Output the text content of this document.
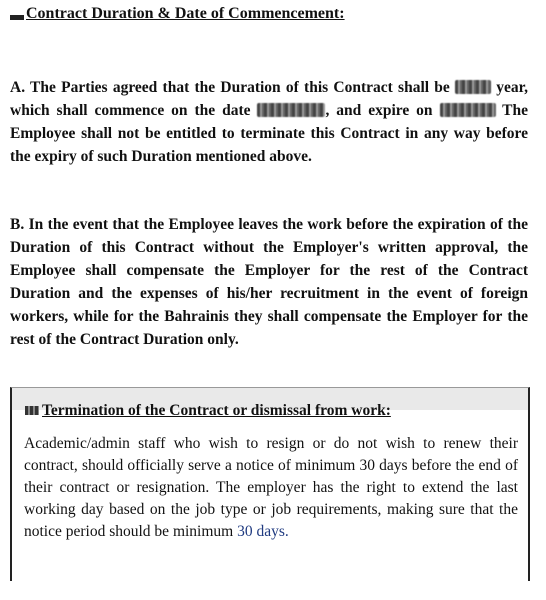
Contract Duration & Date of Commencement:
A. The Parties agreed that the Duration of this Contract shall be	year, which shall commence on the date	, and expire on	The Employee shall not be entitled to terminate this Contract in any way before the expiry of such Duration mentioned above.
B. In the event that the Employee leaves the work before the expiration of the Duration of this Contract without the Employer's written approval, the Employee shall compensate the Employer for the rest of the Contract Duration and the expenses of his/her recruitment in the event of foreign workers, while for the Bahrainis they shall compensate the Employer for the rest of the Contract Duration only.
Termination of the Contract or dismissal from work:
Academic/admin staff who wish to resign or do not wish to renew their contract, should officially serve a notice of minimum 30 days before the end of their contract or resignation. The employer has the right to extend the last working day based on the job type or job requirements, making sure that the notice period should be minimum 30 days.
